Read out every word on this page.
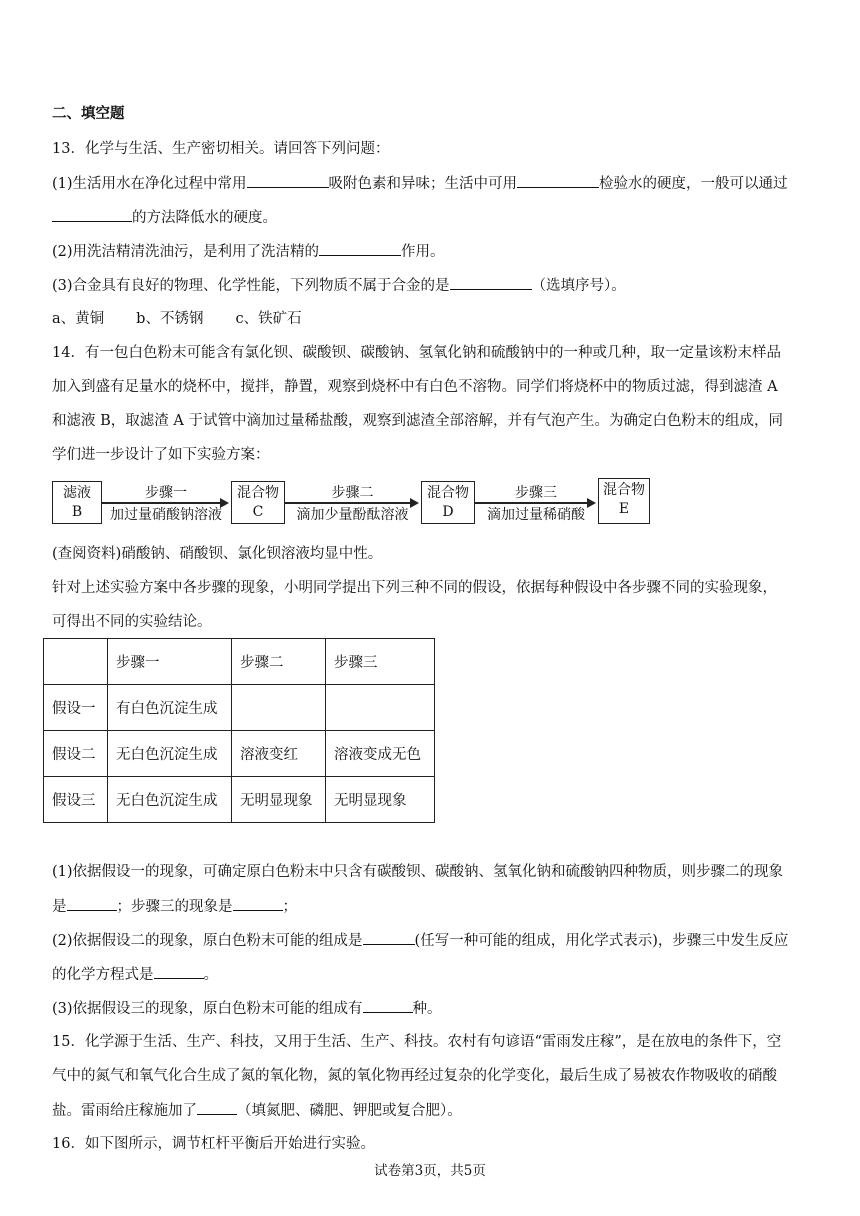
二、填空题
13．化学与生活、生产密切相关。请回答下列问题：
(1)生活用水在净化过程中常用	吸附色素和异味；生活中可用	检验水的硬度，一般可以通过
的方法降低水的硬度。
(2)用洗洁精清洗油污，是利用了洗洁精的	作用。
(3)合金具有良好的物理、化学性能，下列物质不属于合金的是	（选填序号）。
a、黄铜 b、不锈钢 c、铁矿石
14．有一包白色粉末可能含有氯化钡、碳酸钡、碳酸钠、氢氧化钠和硫酸钠中的一种或几种，取一定量该粉末样品
加入到盛有足量水的烧杯中，搅拌，静置，观察到烧杯中有白色不溶物。同学们将烧杯中的物质过滤，得到滤渣 A
和滤液 B，取滤渣 A 于试管中滴加过量稀盐酸，观察到滤渣全部溶解，并有气泡产生。为确定白色粉末的组成，同
学们进一步设计了如下实验方案：
滤液
B
步骤一
加过量硝酸钠溶液
混合物
C
步骤二
滴加少量酚酞溶液
混合物
D
步骤三
滴加过量稀硝酸
混合物
E
(查阅资料)硝酸钠、硝酸钡、氯化钡溶液均显中性。
针对上述实验方案中各步骤的现象，小明同学提出下列三种不同的假设，依据每种假设中各步骤不同的实验现象，
可得出不同的实验结论。
	步骤一	步骤二	步骤三
假设一	有白色沉淀生成		
假设二	无白色沉淀生成	溶液变红	溶液变成无色
假设三	无白色沉淀生成	无明显现象	无明显现象
(1)依据假设一的现象，可确定原白色粉末中只含有碳酸钡、碳酸钠、氢氧化钠和硫酸钠四种物质，则步骤二的现象
是	；步骤三的现象是	；
(2)依据假设二的现象，原白色粉末可能的组成是	(任写一种可能的组成，用化学式表示)，步骤三中发生反应
的化学方程式是	。
(3)依据假设三的现象，原白色粉末可能的组成有	种。
15．化学源于生活、生产、科技，又用于生活、生产、科技。农村有句谚语“雷雨发庄稼”，是在放电的条件下，空
气中的氮气和氧气化合生成了氮的氧化物，氮的氧化物再经过复杂的化学变化，最后生成了易被农作物吸收的硝酸
盐。雷雨给庄稼施加了	（填氮肥、磷肥、钾肥或复合肥）。
16．如下图所示，调节杠杆平衡后开始进行实验。
试卷第3页，共5页
